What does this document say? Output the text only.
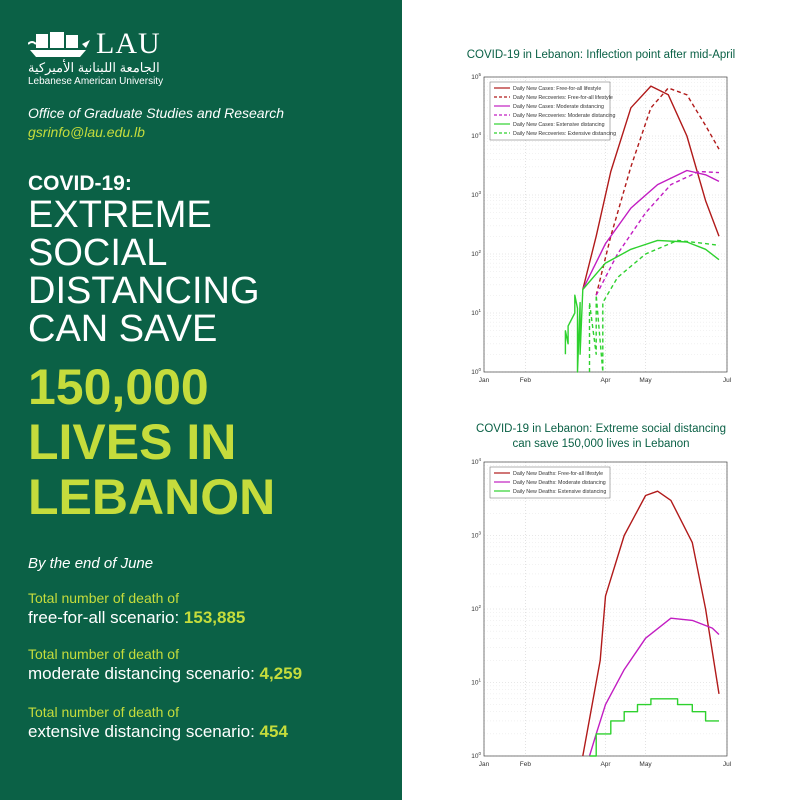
LAU
الجامعة اللبنانية الأميركية
Lebanese American University
Office of Graduate Studies and Research
gsrinfo@lau.edu.lb
COVID-19:
EXTREME
SOCIAL
DISTANCING
CAN SAVE
150,000
LIVES IN
LEBANON
By the end of June
Total number of death of
free-for-all scenario: 153,885
Total number of death of
moderate distancing scenario: 4,259
Total number of death of
extensive distancing scenario: 454
COVID-19 in Lebanon: Inflection point after mid-April
$10^0$
$10^1$
$10^2$
$10^3$
$10^4$
$10^5$
Jan	Feb	Apr	May	Jul
Daily New Cases: Free-for-all lifestyle
Daily New Recoveries: Free-for-all lifestyle
Daily New Cases: Moderate distancing
Daily New Recoveries: Moderate distancing
Daily New Cases: Extensive distancing
Daily New Recoveries: Extensive distancing
COVID-19 in Lebanon: Extreme social distancing
can save 150,000 lives in Lebanon
$10^0$
$10^1$
$10^2$
$10^3$
$10^4$
Jan	Feb	Apr	May	Jul
Daily New Deaths: Free-for-all lifestyle
Daily New Deaths: Moderate distancing
Daily New Deaths: Extensive distancing
